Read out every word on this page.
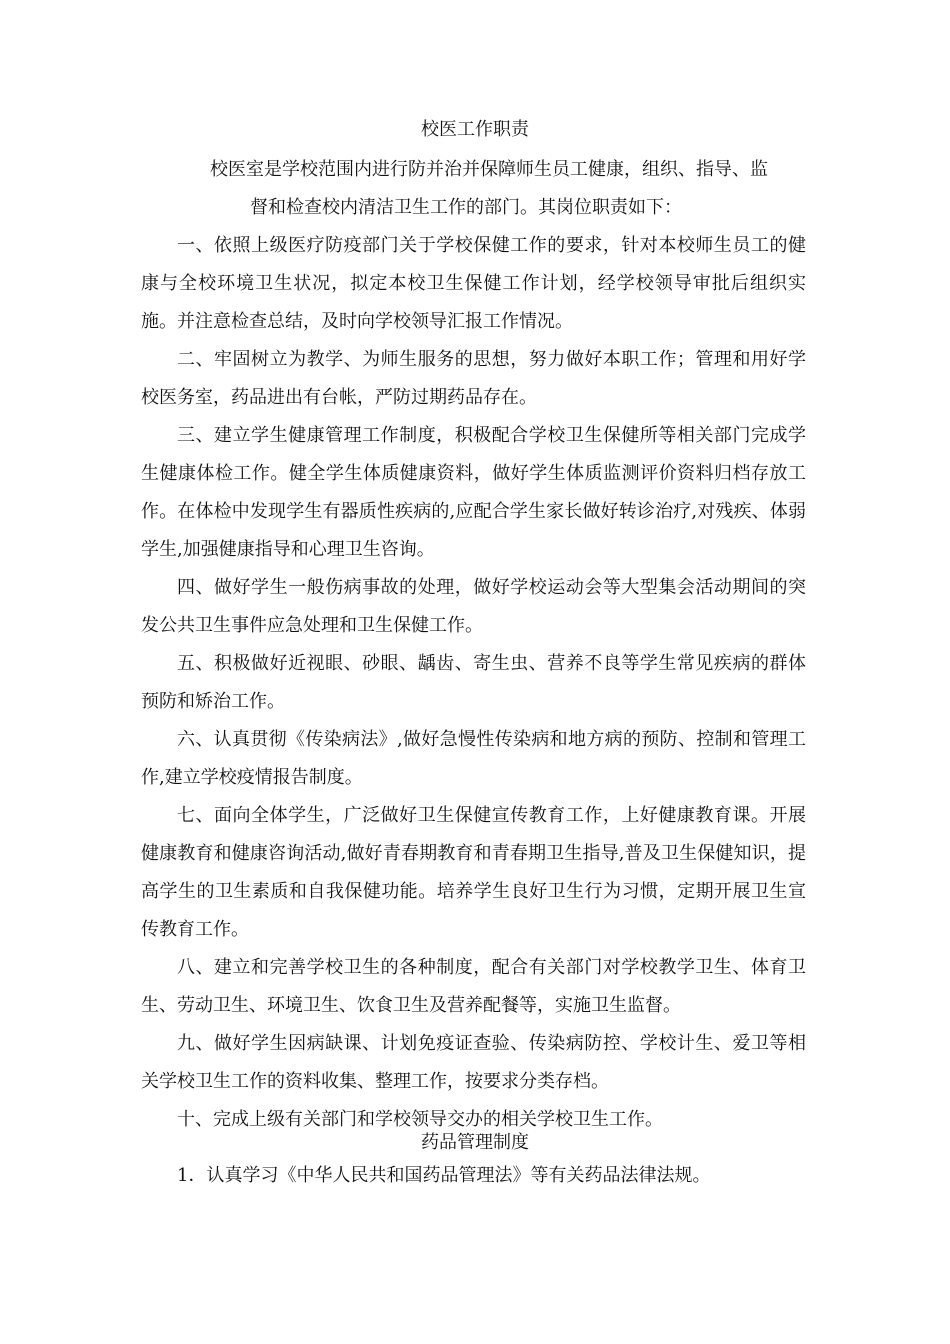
校医工作职责
校医室是学校范围内进行防并治并保障师生员工健康，组织、指导、监
督和检查校内清洁卫生工作的部门。其岗位职责如下：
一、依照上级医疗防疫部门关于学校保健工作的要求，针对本校师生员工的健康与全校环境卫生状况，拟定本校卫生保健工作计划，经学校领导审批后组织实施。并注意检查总结，及时向学校领导汇报工作情况。
二、牢固树立为教学、为师生服务的思想，努力做好本职工作；管理和用好学校医务室，药品进出有台帐，严防过期药品存在。
三、建立学生健康管理工作制度，积极配合学校卫生保健所等相关部门完成学生健康体检工作。健全学生体质健康资料，做好学生体质监测评价资料归档存放工作。在体检中发现学生有器质性疾病的,应配合学生家长做好转诊治疗,对残疾、体弱学生,加强健康指导和心理卫生咨询。
四、做好学生一般伤病事故的处理，做好学校运动会等大型集会活动期间的突发公共卫生事件应急处理和卫生保健工作。
五、积极做好近视眼、砂眼、龋齿、寄生虫、营养不良等学生常见疾病的群体预防和矫治工作。
六、认真贯彻《传染病法》,做好急慢性传染病和地方病的预防、控制和管理工作,建立学校疫情报告制度。
七、面向全体学生，广泛做好卫生保健宣传教育工作，上好健康教育课。开展健康教育和健康咨询活动,做好青春期教育和青春期卫生指导,普及卫生保健知识，提高学生的卫生素质和自我保健功能。培养学生良好卫生行为习惯，定期开展卫生宣传教育工作。
八、建立和完善学校卫生的各种制度，配合有关部门对学校教学卫生、体育卫生、劳动卫生、环境卫生、饮食卫生及营养配餐等，实施卫生监督。
九、做好学生因病缺课、计划免疫证查验、传染病防控、学校计生、爱卫等相关学校卫生工作的资料收集、整理工作，按要求分类存档。
十、完成上级有关部门和学校领导交办的相关学校卫生工作。
药品管理制度
1．认真学习《中华人民共和国药品管理法》等有关药品法律法规。
